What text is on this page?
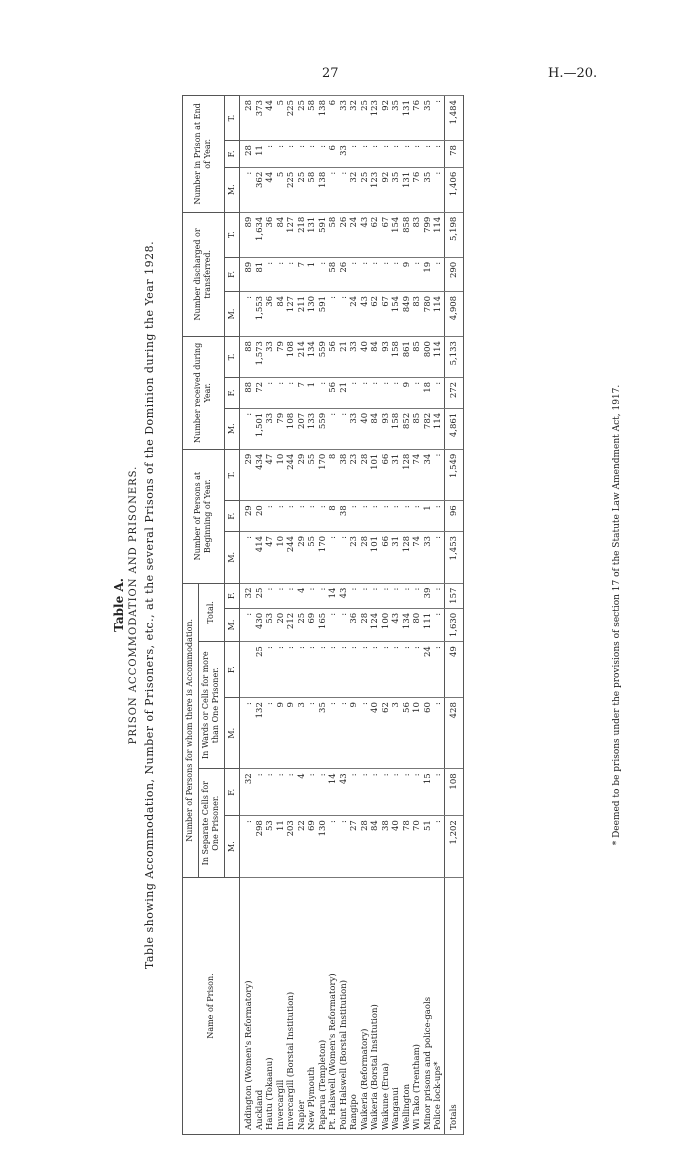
27	H.—20.
Table A. PRISON ACCOMMODATION AND PRISONERS. Table showing Accommodation, Number of Prisoners, etc., at the several Prisons of the Dominion during the Year 1928.
Name of Prison.	Number of Persons for whom there is Accommodation.						Number of Persons at Beginning of Year.			Number received during Year.			Number discharged or transferred.			Number in Prison at End of Year.		
	In Separate Cells for One Prisoner.		In Wards or Cells for more than One Prisoner.		Total.													
	M.	F.	M.	F.	M.	F.	M.	F.	T.	M.	F.	T.	M.	F.	T.	M.	F.	T.
Addington (Women's Reformatory)	:	32	:		:	32	:	29	29	:	88	88	:	89	89	:	28	28
Auckland	298	:	132	25	430	25	414	20	434	1,501	72	1,573	1,553	81	1,634	362	11	373
Hautu (Tokaanu)	53	:	:	:	53	:	47	:	47	33	:	33	36	:	36	44	:	44
Invercargill	11	:	9	:	20	:	10	:	10	79	:	79	84	:	84	5	:	5
Invercargill (Borstal Institution)	203	:	9	:	212	:	244	:	244	108	:	108	127	:	127	225	:	225
Napier	22	4	3	:	25	4	29	:	29	207	7	214	211	7	218	25	:	25
New Plymouth	69	:	:	:	69	:	55	:	55	133	1	134	130	1	131	58	:	58
Paparua (Templeton)	130	:	35	:	165	:	170	:	170	559	:	559	591	:	591	138	:	138
Pt. Halswell (Women's Reformatory)	:	14	:	:	:	14	:	8	8	:	56	56	:	58	58	:	6	6
Point Halswell (Borstal Institution)	:	43	:	:	:	43	:	38	38	:	21	21	:	26	26	:	33	33
Rangipo	27	:	9	:	36	:	23	:	23	33	:	33	24	:	24	32	:	32
Waikeria (Reformatory)	28	:	:	:	28	:	28	:	28	40	:	40	43	:	43	25	:	25
Waikeria (Borstal Institution)	84	:	40	:	124	:	101	:	101	84	:	84	62	:	62	123	:	123
Waikune (Erua)	38	:	62	:	100	:	66	:	66	93	:	93	67	:	67	92	:	92
Wanganui	40	:	3	:	43	:	31	:	31	158	:	158	154	:	154	35	:	35
Wellington	78	:	56	:	134	:	128	:	128	852	9	861	849	9	858	131	:	131
Wi Tako (Trentham)	70	:	10	:	80	:	74	:	74	85	:	85	83	:	83	76	:	76
Minor prisons and police-gaols	51	15	60	24	111	39	33	1	34	782	18	800	780	19	799	35	:	35
Police lock-ups*	:	:	:	:	:	:	:	:	:	114	:	114	114	:	114	:	:	:
Totals	1,202	108	428	49	1,630	157	1,453	96	1,549	4,861	272	5,133	4,908	290	5,198	1,406	78	1,484
* Deemed to be prisons under the provisions of section 17 of the Statute Law Amendment Act, 1917.
